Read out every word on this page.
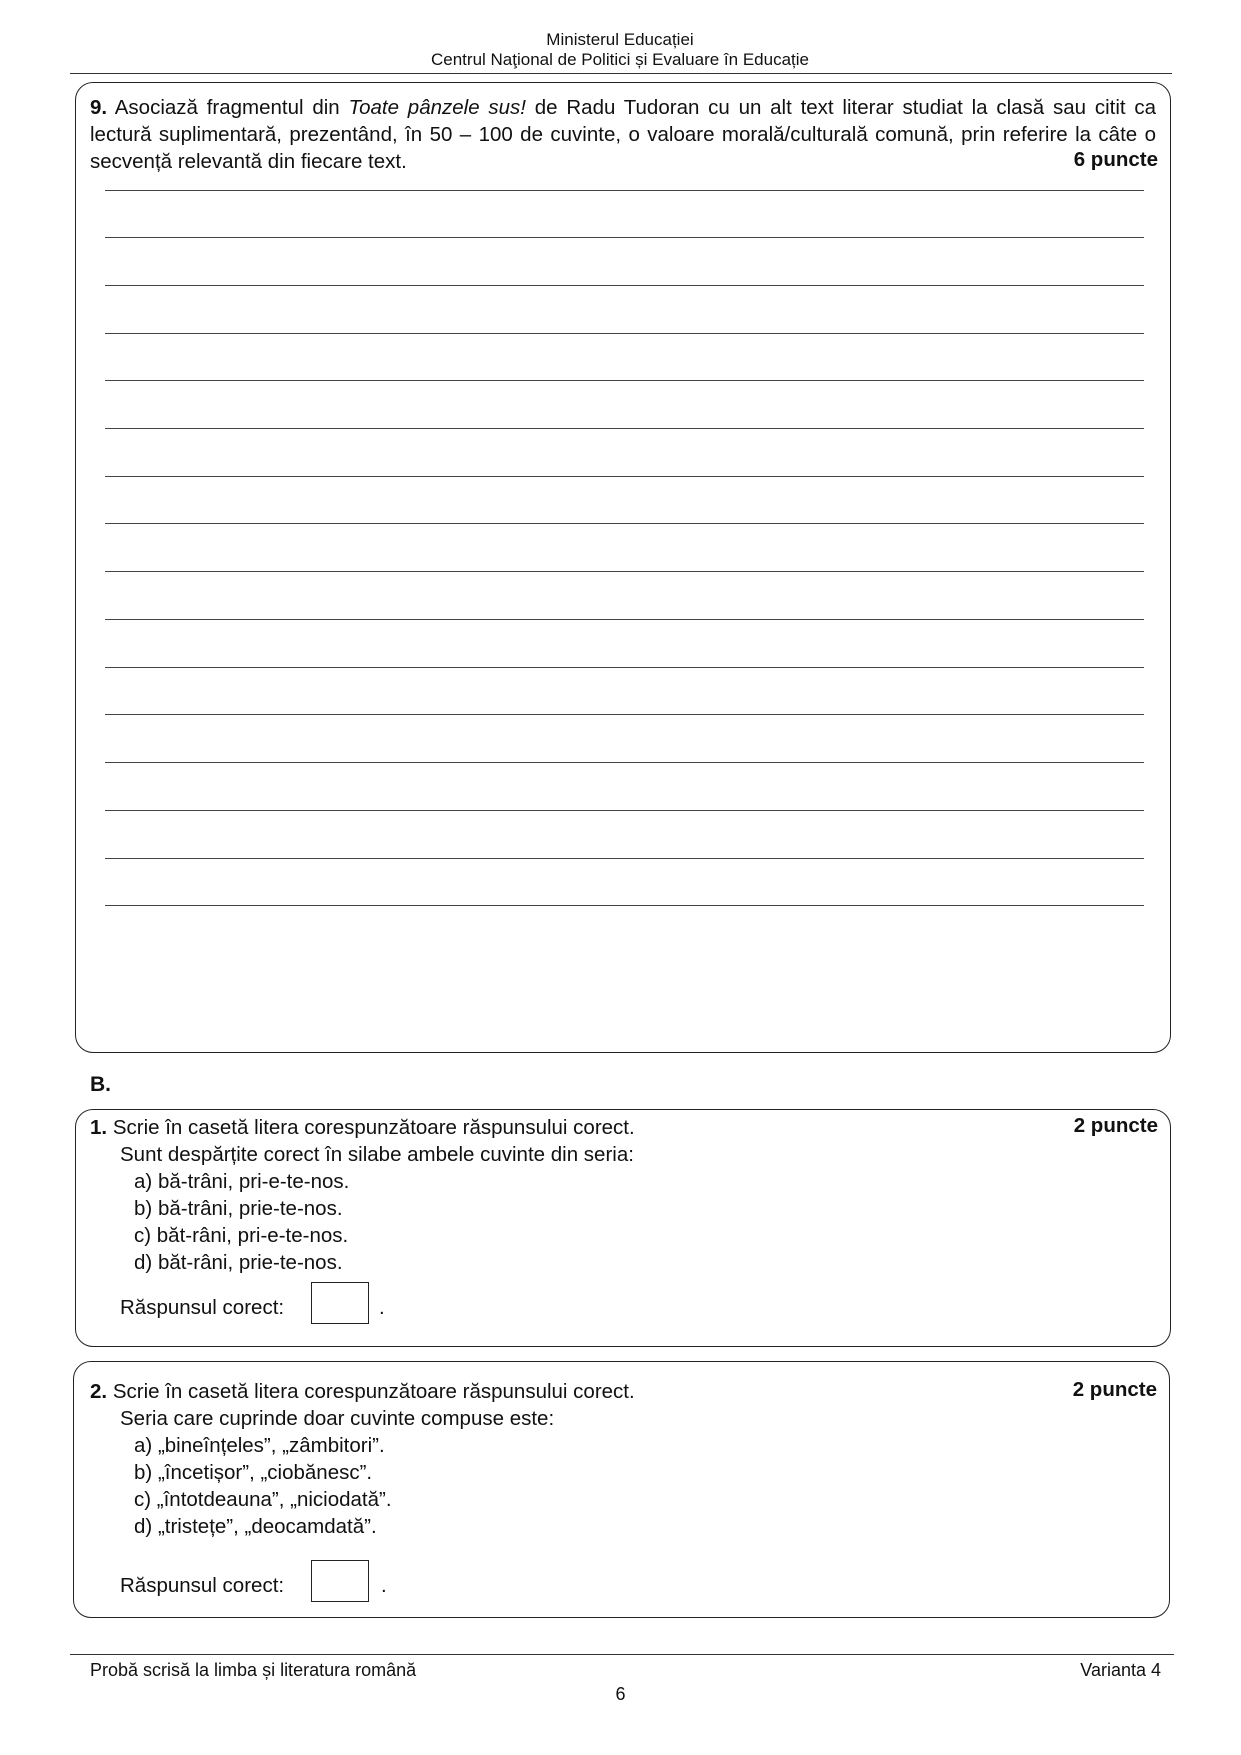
Ministerul Educației
Centrul Naţional de Politici și Evaluare în Educație
9. Asociază fragmentul din Toate pânzele sus! de Radu Tudoran cu un alt text literar studiat la clasă sau citit ca lectură suplimentară, prezentând, în 50 – 100 de cuvinte, o valoare morală/culturală comună, prin referire la câte o secvență relevantă din fiecare text.	6 puncte
B.
1. Scrie în casetă litera corespunzătoare răspunsului corect.	2 puncte
Sunt despărțite corect în silabe ambele cuvinte din seria:
a) bă-trâni, pri-e-te-nos.
b) bă-trâni, prie-te-nos.
c) băt-râni, pri-e-te-nos.
d) băt-râni, prie-te-nos.
Răspunsul corect:	.
2. Scrie în casetă litera corespunzătoare răspunsului corect.	2 puncte
Seria care cuprinde doar cuvinte compuse este:
a) „bineînțeles”, „zâmbitori”.
b) „încetișor”, „ciobănesc”.
c) „întotdeauna”, „niciodată”.
d) „tristețe”, „deocamdată”.
Răspunsul corect:	.
Probă scrisă la limba și literatura română	Varianta 4
6
